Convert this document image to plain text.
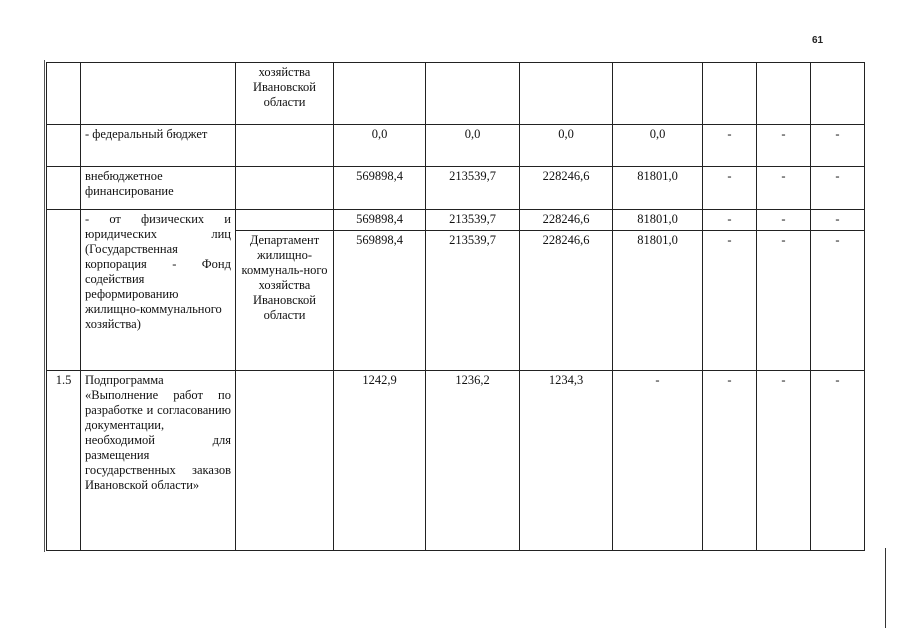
61
		хозяйства Ивановской области							
	- федеральный бюджет		0,0	0,0	0,0	0,0	-	-	-
	внебюджетное финансирование		569898,4	213539,7	228246,6	81801,0	-	-	-
	- от физических и юридических лиц (Государственная корпорация - Фонд содействия реформированию жилищно-коммунального хозяйства)		569898,4	213539,7	228246,6	81801,0	-	-	-
		Департамент жилищно-коммуналь-ного хозяйства Ивановской области	569898,4	213539,7	228246,6	81801,0	-	-	-
1.5	Подпрограмма «Выполнение работ по разработке и согласованию документации, необходимой для размещения государственных заказов Ивановской области»		1242,9	1236,2	1234,3	-	-	-	-
